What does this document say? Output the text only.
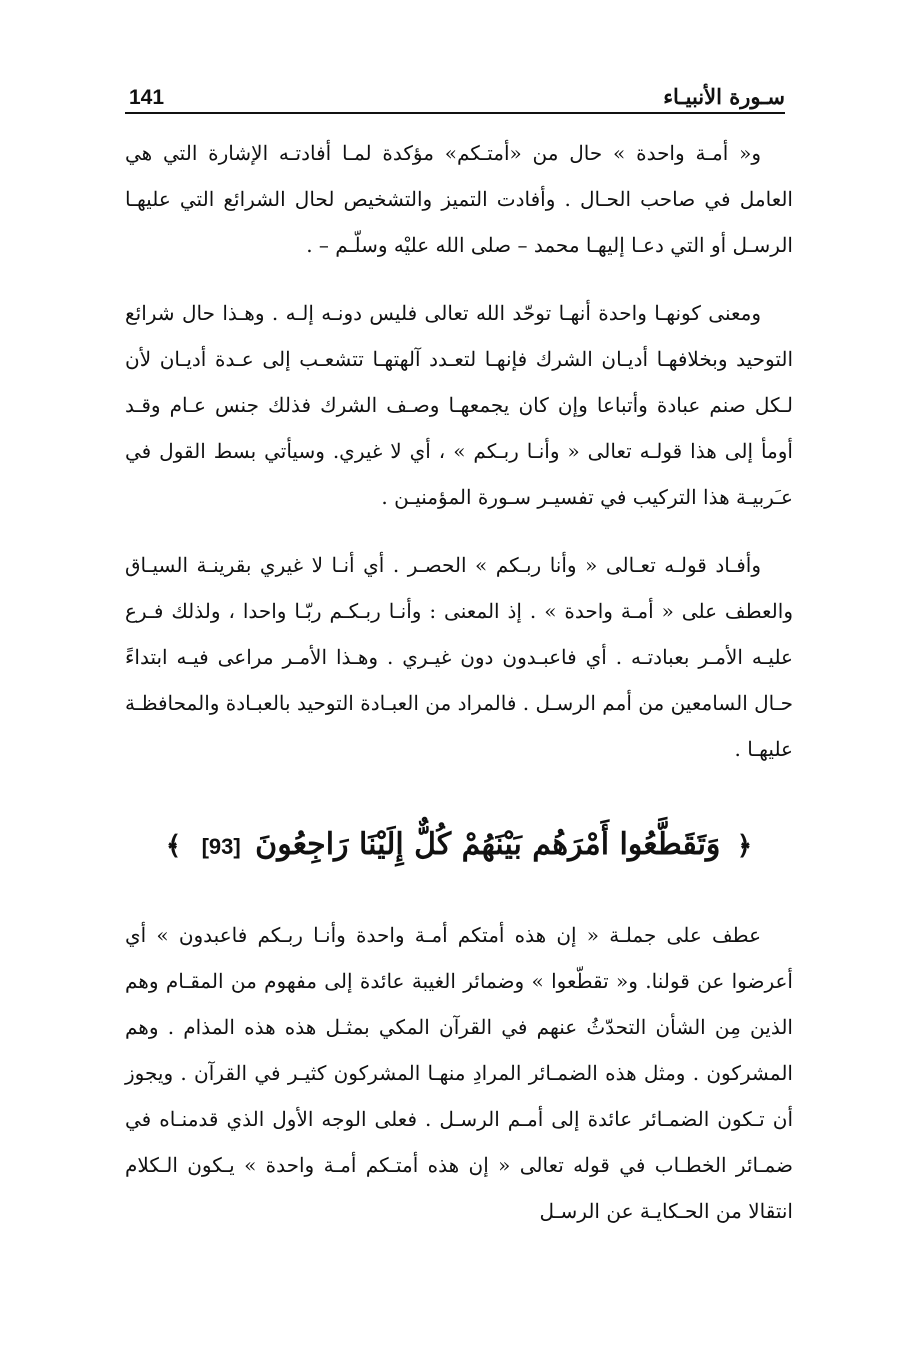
141	سـورة الأنبيـاء

و« أمـة واحدة » حال من «أمتـكم» مؤكدة لمـا أفادتـه الإشارة التي هي العامل في صاحب الحـال . وأفادت التميز والتشخيص لحال الشرائع التي عليهـا الرسـل أو التي دعـا إليهـا محمد – صلى الله عليْه وسلّـم – .

ومعنى كونهـا واحدة أنهـا توحّد الله تعالى فليس دونـه إلـه . وهـذا حال شرائع التوحيد وبخلافهـا أديـان الشرك فإنهـا لتعـدد آلهتهـا تتشعـب إلى عـدة أديـان لأن لـكل صنم عبادة وأتباعا وإن كان يجمعهـا وصـف الشرك فذلك جنس عـام وقـد أومأ إلى هذا قولـه تعالى « وأنـا ربـكم » ، أي لا غيري. وسيأتي بسط القول في عـَربيـة هذا التركيب في تفسيـر سـورة المؤمنيـن .

وأفـاد قولـه تعـالى « وأنا ربـكم » الحصـر . أي أنـا لا غيري بقرينـة السيـاق والعطف على « أمـة واحدة » . إذ المعنى : وأنـا ربـكـم ربّـا واحدا ، ولذلك فـرع عليـه الأمـر بعبادتـه . أي فاعبـدون دون غيـري . وهـذا الأمـر مراعى فيـه ابتداءً حـال السامعين من أمم الرسـل . فالمراد من العبـادة التوحيد بالعبـادة والمحافظـة عليهـا .

﴿ وَتَقَطَّعُوا أَمْرَهُم بَيْنَهُمْ كُلٌّ إِلَيْنَا رَاجِعُونَ [93] ﴾

عطف على جملـة « إن هذه أمتكم أمـة واحدة وأنـا ربـكم فاعبدون » أي أعرضوا عن قولنا. و« تقطّعوا » وضمائر الغيبة عائدة إلى مفهوم من المقـام وهم الذين مِن الشأن التحدّثُ عنهم في القرآن المكي بمثـل هذه هذه المذام . وهم المشركون . ومثل هذه الضمـائر المرادِ منهـا المشركون كثيـر في القرآن . ويجوز أن تـكون الضمـائر عائدة إلى أمـم الرسـل . فعلى الوجه الأول الذي قدمنـاه في ضمـائر الخطـاب في قوله تعالى « إن هذه أمتـكم أمـة واحدة » يـكون الـكلام انتقالا من الحـكايـة عن الرسـل
